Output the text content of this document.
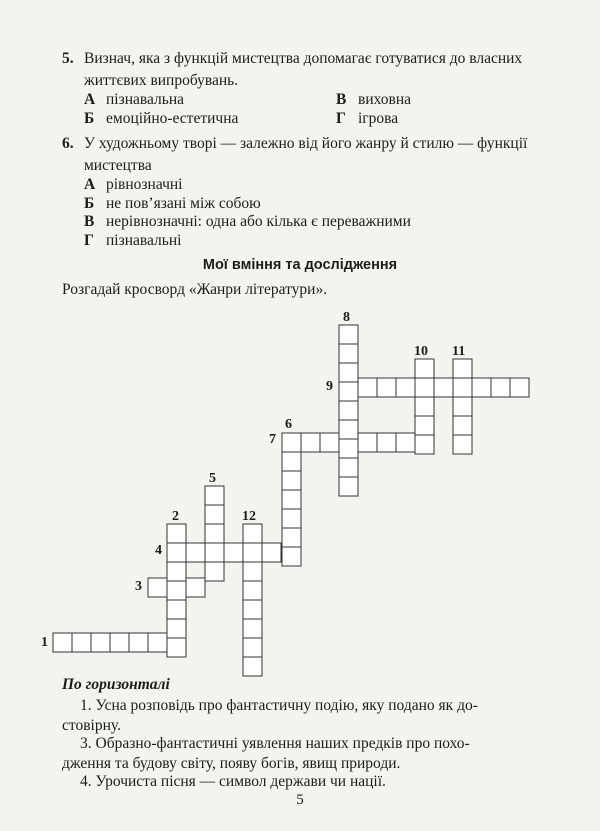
5. Визнач, яка з функцій мистецтва допомагає готуватися до власних життєвих випробувань.
А пізнавальна
Б емоційно-естетична
В виховна
Г ігрова
6. У художньому творі — залежно від його жанру й стилю — функції мистецтва
А рівнозначні
Б не пов’язані між собою
В нерівнозначні: одна або кілька є переважними
Г пізнавальні
Мої вміння та дослідження
Розгадай кросворд «Жанри літератури».
1
2
3
4
5
6
7
8
9
10 11
12
По горизонталі
1. Усна розповідь про фантастичну подію, яку подано як до-
стовірну.
3. Образно-фантастичні уявлення наших предків про похо-
дження та будову світу, появу богів, явищ природи.
4. Урочиста пісня — символ держави чи нації.
5
